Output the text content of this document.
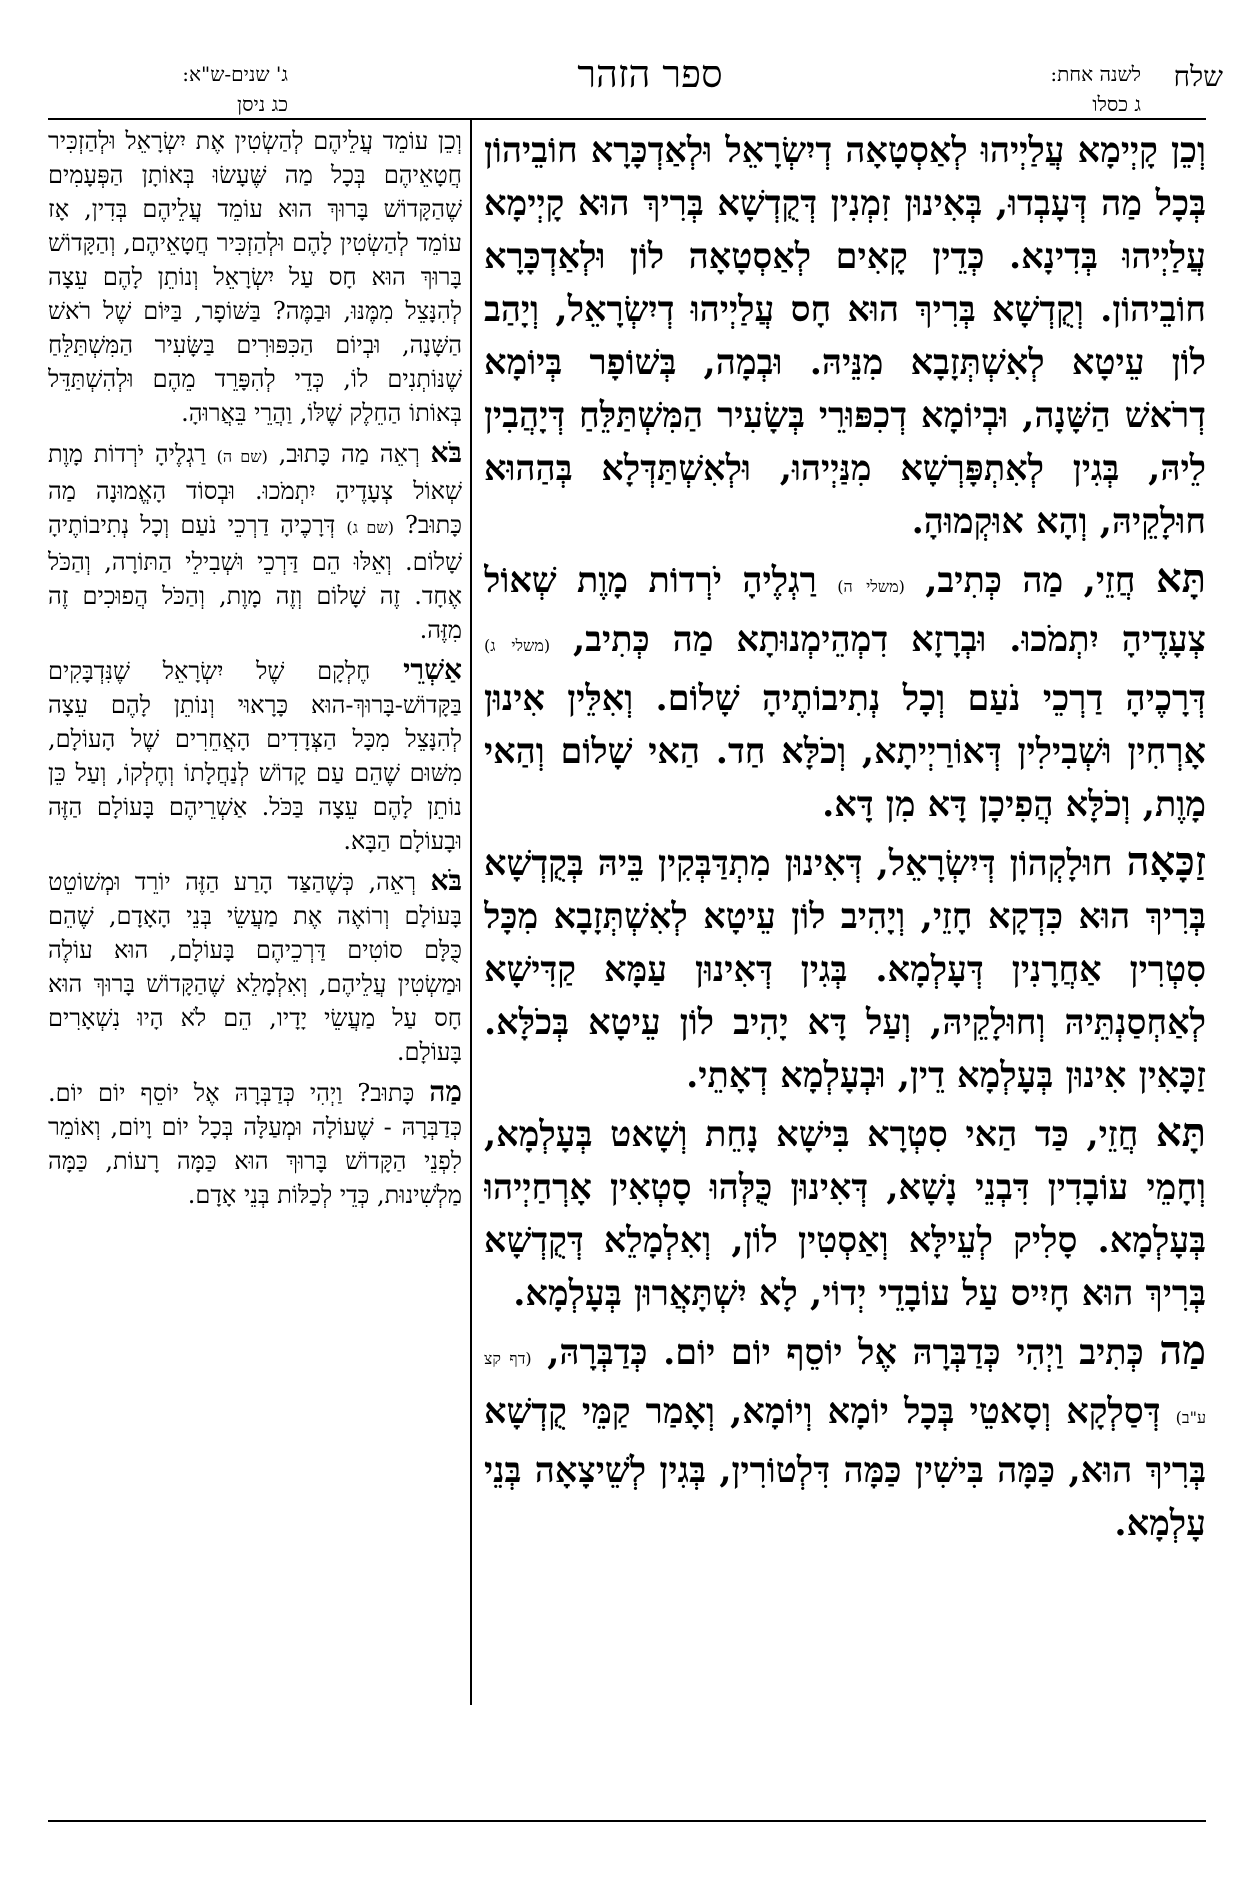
שלח
לשנה אחת:
ג כסלו
ספר הזהר
ג' שנים-ש"א:
כג ניסן

וְכֵן קָיְימָא עֲלַיְיהוּ לְאַסְטָאָה דְיִשְׂרָאֵל וּלְאַדְכָּרָא חוֹבֵיהוֹן בְּכָל מַה דְּעָבְדוּ, בְּאִינוּן זִמְנִין דְּקֻדְשָׁא בְּרִיךְ הוּא קָיְימָא עֲלַיְיהוּ בְּדִינָא. כְּדֵין קָאִים לְאַסְטָאָה לוֹן וּלְאַדְכָּרָא חוֹבֵיהוֹן. וְקֻדְשָׁא בְּרִיךְ הוּא חָס עֲלַיְיהוּ דְיִשְׂרָאֵל, וְיָהַב לוֹן עֵיטָא לְאִשְׁתְּזָבָא מִנֵּיהּ. וּבְמָה, בְּשׁוֹפָר בְּיוֹמָא דְרֹאשׁ הַשָּׁנָה, וּבְיוֹמָא דְכִפּוּרֵי בְּשָׂעִיר הַמִּשְׁתַּלֵּחַ דְּיָהֲבִין לֵיהּ, בְּגִין לְאִתְפָּרְשָׁא מִנַּיְיהוּ, וּלְאִשְׁתַּדְּלָא בְּהַהוּא חוּלָקֵיהּ, וְהָא אוּקְמוּהָ.

תָּא חֲזֵי, מַה כְּתִיב, (משלי ה) רַגְלֶיהָ יֹרְדוֹת מָוֶת שְׁאוֹל צְעָדֶיהָ יִתְמֹכוּ. וּבְרָזָא דִמְהֵימְנוּתָא מַה כְּתִיב, (משלי ג) דְּרָכֶיהָ דַרְכֵי נֹעַם וְכָל נְתִיבוֹתֶיהָ שָׁלוֹם. וְאִלֵּין אִינוּן אָרְחִין וּשְׁבִילִין דְּאוֹרַיְיתָא, וְכֹלָּא חַד. הַאי שָׁלוֹם וְהַאי מָוֶת, וְכֹלָּא הֲפִיכָן דָּא מִן דָּא.

זַכָּאָה חוּלָקְהוֹן דְּיִשְׂרָאֵל, דְּאִינוּן מִתְדַּבְּקִין בֵּיהּ בְּקֻדְשָׁא בְּרִיךְ הוּא כִּדְקָא חָזֵי, וְיָהִיב לוֹן עֵיטָא לְאִשְׁתְּזָבָא מִכָּל סִטְרִין אַחֲרָנִין דְּעָלְמָא. בְּגִין דְּאִינוּן עַמָּא קַדִּישָׁא לְאַחְסַנְתֵּיהּ וְחוּלָקֵיהּ, וְעַל דָּא יָהִיב לוֹן עֵיטָא בְּכֹלָּא. זַכָּאִין אִינוּן בְּעָלְמָא דֵין, וּבְעָלְמָא דְאָתֵי.

תָּא חֲזֵי, כַּד הַאי סִטְרָא בִּישָׁא נָחֵת וְשָׁאט בְּעָלְמָא, וְחָמֵי עוֹבָדִין דִּבְנֵי נָשָׁא, דְּאִינוּן כֻּלְּהוּ סָטְאִין אָרְחַיְיהוּ בְּעָלְמָא. סָלִיק לְעֵילָּא וְאַסְטִין לוֹן, וְאִלְמָלֵא דְּקֻדְשָׁא בְּרִיךְ הוּא חָיִיס עַל עוֹבָדֵי יְדוֹי, לָא יִשְׁתָּאֲרוּן בְּעָלְמָא.

מַה כְּתִיב וַיְהִי כְּדַבְּרָהּ אֶל יוֹסֵף יוֹם יוֹם. כְּדַבְּרָהּ, (דף קצ ע"ב) דְּסַלְקָא וְסָאטֵי בְּכָל יוֹמָא וְיוֹמָא, וְאָמַר קַמֵּי קֻדְשָׁא בְּרִיךְ הוּא, כַּמָּה בִּישִׁין כַּמָּה דִּלְטוֹרִין, בְּגִין לְשֵׁיצָאָה בְּנֵי עָלְמָא.

וְכֵן עוֹמֵד עֲלֵיהֶם לְהַשְׂטִין אֶת יִשְׂרָאֵל וּלְהַזְכִּיר חֲטָאֵיהֶם בְּכָל מַה שֶּׁעָשׂוּ בְּאוֹתָן הַפְּעָמִים שֶׁהַקָּדוֹשׁ בָּרוּךְ הוּא עוֹמֵד עֲלֵיהֶם בְּדִין, אָז עוֹמֵד לְהַשְׂטִין לָהֶם וּלְהַזְכִּיר חֲטָאֵיהֶם, וְהַקָּדוֹשׁ בָּרוּךְ הוּא חָס עַל יִשְׂרָאֵל וְנוֹתֵן לָהֶם עֵצָה לְהִנָּצֵל מִמֶּנּוּ, וּבַמֶּה? בַּשּׁוֹפָר, בַּיּוֹם שֶׁל רֹאשׁ הַשָּׁנָה, וּבְיוֹם הַכִּפּוּרִים בַּשָּׂעִיר הַמִּשְׁתַּלֵּחַ שֶׁנּוֹתְנִים לוֹ, כְּדֵי לְהִפָּרֵד מֵהֶם וּלְהִשְׁתַּדֵּל בְּאוֹתוֹ הַחֵלֶק שֶׁלּוֹ, וַהֲרֵי בֵּאֲרוּהָ.

בֹּא רְאֵה מַה כָּתוּב, (שם ה) רַגְלֶיהָ יֹרְדוֹת מָוֶת שְׁאוֹל צְעָדֶיהָ יִתְמֹכוּ. וּבְסוֹד הָאֱמוּנָה מַה כָּתוּב? (שם ג) דְּרָכֶיהָ דַרְכֵי נֹעַם וְכָל נְתִיבוֹתֶיהָ שָׁלוֹם. וְאֵלּוּ הֵם דַּרְכֵי וּשְׁבִילֵי הַתּוֹרָה, וְהַכֹּל אֶחָד. זֶה שָׁלוֹם וְזֶה מָוֶת, וְהַכֹּל הֲפוּכִים זֶה מִזֶּה.

אַשְׁרֵי חֶלְקָם שֶׁל יִשְׂרָאֵל שֶׁנִּדְבָּקִים בַּקָּדוֹשׁ-בָּרוּךְ-הוּא כָּרָאוּי וְנוֹתֵן לָהֶם עֵצָה לְהִנָּצֵל מִכָּל הַצְּדָדִים הָאֲחֵרִים שֶׁל הָעוֹלָם, מִשּׁוּם שֶׁהֵם עַם קָדוֹשׁ לְנַחֲלָתוֹ וְחֶלְקוֹ, וְעַל כֵּן נוֹתֵן לָהֶם עֵצָה בַּכֹּל. אַשְׁרֵיהֶם בָּעוֹלָם הַזֶּה וּבָעוֹלָם הַבָּא.

בֹּא רְאֵה, כְּשֶׁהַצַּד הָרַע הַזֶּה יוֹרֵד וּמְשׁוֹטֵט בָּעוֹלָם וְרוֹאֶה אֶת מַעֲשֵׂי בְּנֵי הָאָדָם, שֶׁהֵם כֻּלָּם סוֹטִים דַּרְכֵיהֶם בָּעוֹלָם, הוּא עוֹלֶה וּמַשְׂטִין עֲלֵיהֶם, וְאִלְמָלֵא שֶׁהַקָּדוֹשׁ בָּרוּךְ הוּא חָס עַל מַעֲשֵׂי יָדָיו, הֵם לֹא הָיוּ נִשְׁאָרִים בָּעוֹלָם.

מַה כָּתוּב? וַיְהִי כְּדַבְּרָהּ אֶל יוֹסֵף יוֹם יוֹם. כְּדַבְּרָהּ - שֶׁעוֹלָה וּמְעַלָּה בְּכָל יוֹם וָיוֹם, וְאוֹמֵר לִפְנֵי הַקָּדוֹשׁ בָּרוּךְ הוּא כַּמָּה רָעוֹת, כַּמָּה מַלְשִׁינוּת, כְּדֵי לְכַלּוֹת בְּנֵי אָדָם.
